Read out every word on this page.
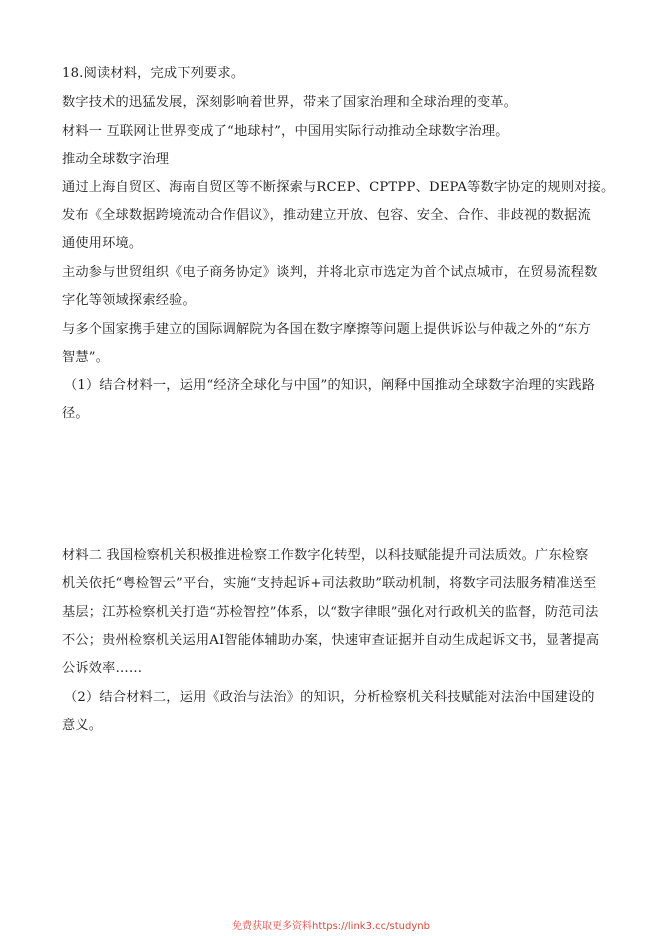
18.阅读材料，完成下列要求。
数字技术的迅猛发展，深刻影响着世界，带来了国家治理和全球治理的变革。
材料一 互联网让世界变成了“地球村”，中国用实际行动推动全球数字治理。
推动全球数字治理
通过上海自贸区、海南自贸区等不断探索与RCEP、CPTPP、DEPA等数字协定的规则对接。
发布《全球数据跨境流动合作倡议》，推动建立开放、包容、安全、合作、非歧视的数据流
通使用环境。
主动参与世贸组织《电子商务协定》谈判，并将北京市选定为首个试点城市，在贸易流程数
字化等领域探索经验。
与多个国家携手建立的国际调解院为各国在数字摩擦等问题上提供诉讼与仲裁之外的“东方
智慧”。
（1）结合材料一，运用“经济全球化与中国”的知识，阐释中国推动全球数字治理的实践路
径。
材料二 我国检察机关积极推进检察工作数字化转型，以科技赋能提升司法质效。广东检察
机关依托“粤检智云”平台，实施“支持起诉+司法救助”联动机制，将数字司法服务精准送至
基层；江苏检察机关打造“苏检智控”体系，以“数字律眼”强化对行政机关的监督，防范司法
不公；贵州检察机关运用AI智能体辅助办案，快速审查证据并自动生成起诉文书，显著提高
公诉效率……
（2）结合材料二，运用《政治与法治》的知识，分析检察机关科技赋能对法治中国建设的
意义。
免费获取更多资料https://link3.cc/studynb
